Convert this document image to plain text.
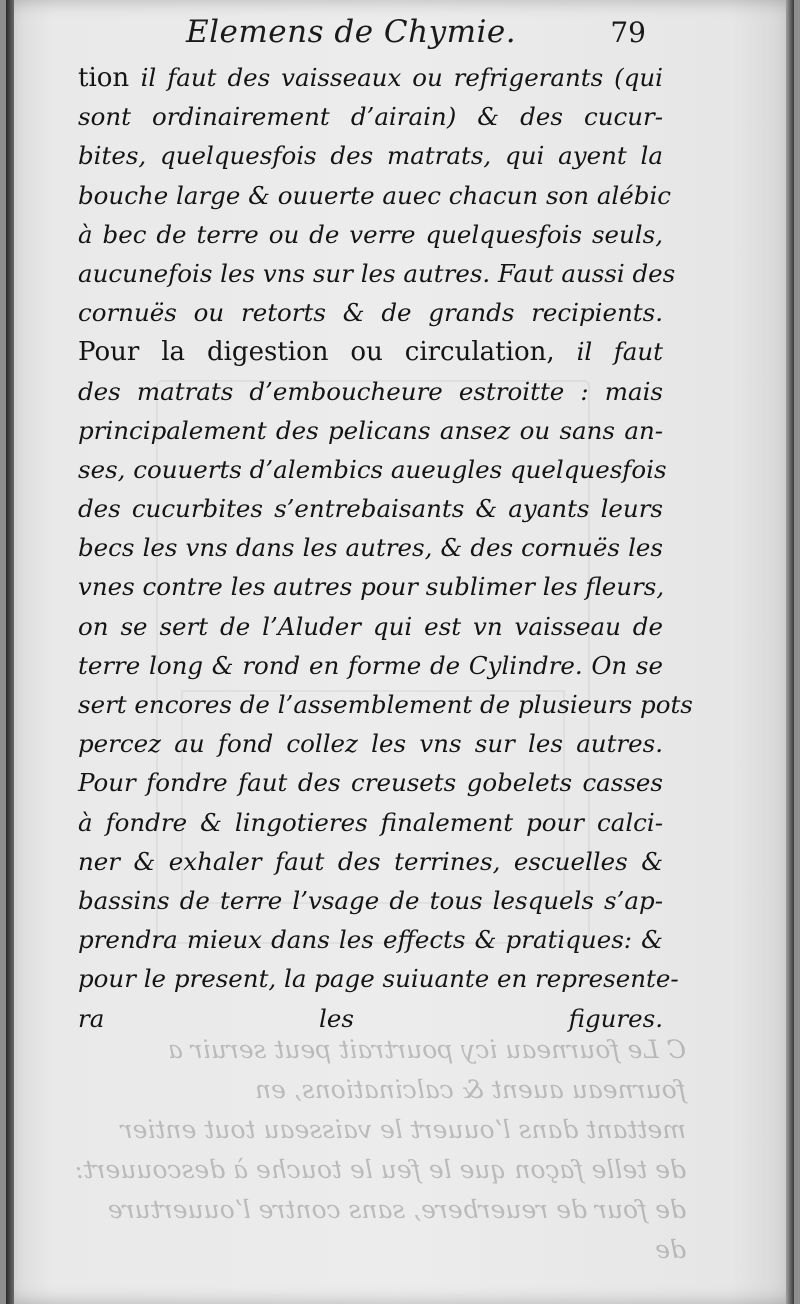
Elemens de Chymie.	79
tion il faut des vaisseaux ou refrigerants (qui
sont ordinairement d’airain) & des cucur-
bites, quelquesfois des matrats, qui ayent la
bouche large & ouuerte auec chacun son alébic
à bec de terre ou de verre quelquesfois seuls,
aucunefois les vns sur les autres. Faut aussi des
cornuës ou retorts & de grands recipients.
Pour la digestion ou circulation, il faut
des matrats d’emboucheure estroitte : mais
principalement des pelicans ansez ou sans an-
ses, couuerts d’alembics aueugles quelquesfois
des cucurbites s’entrebaisants & ayants leurs
becs les vns dans les autres, & des cornuës les
vnes contre les autres pour sublimer les fleurs,
on se sert de l’Aluder qui est vn vaisseau de
terre long & rond en forme de Cylindre. On se
sert encores de l’assemblement de plusieurs pots
percez au fond collez les vns sur les autres.
Pour fondre faut des creusets gobelets casses
à fondre & lingotieres finalement pour calci-
ner & exhaler faut des terrines, escuelles &
bassins de terre l’vsage de tous lesquels s’ap-
prendra mieux dans les effects & pratiques: &
pour le present, la page suiuante en represente-
ra les figures.
C Le fourneau icy pourtrait peut seruir a
fourneau auent & calcinations, en
mettant dans l’ouuert le vaisseau tout entier
de telle façon que le feu le touche à descouuert:
de four de reuerbere, sans contre l’ouuerture
de
